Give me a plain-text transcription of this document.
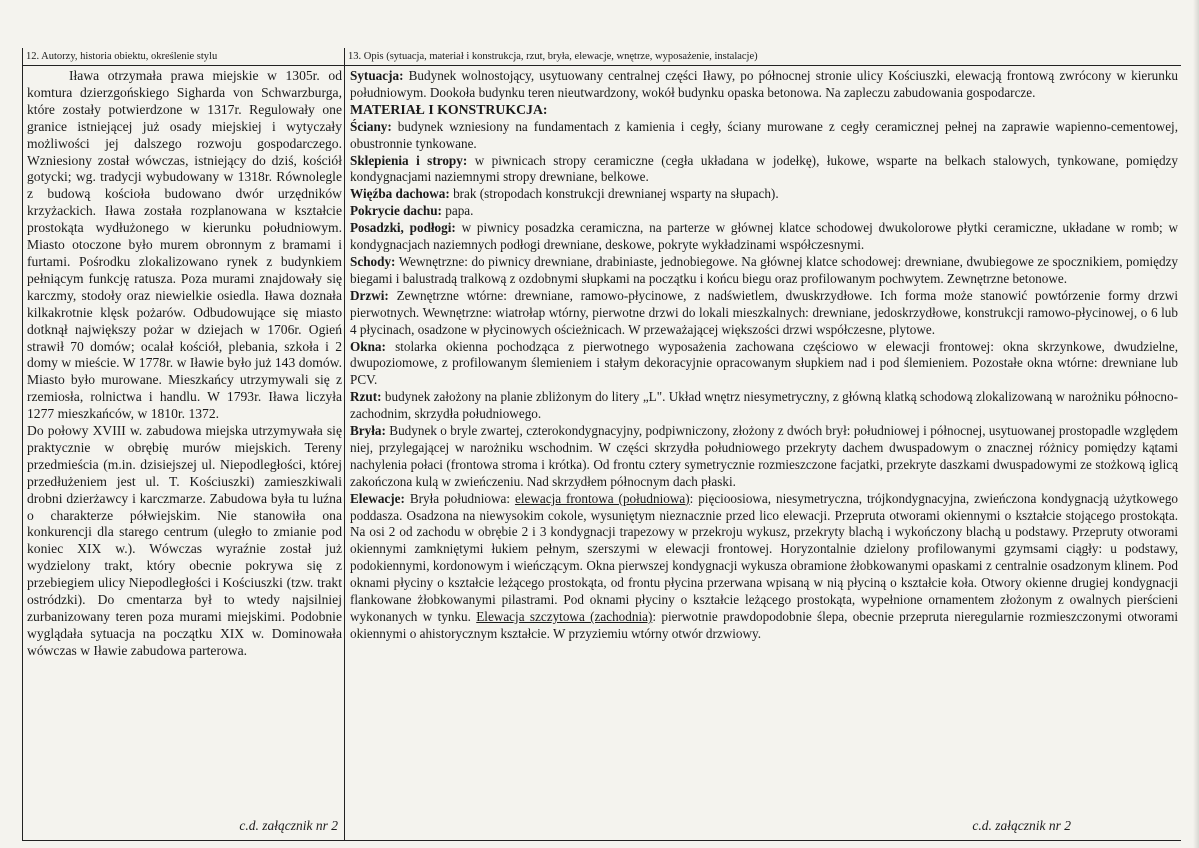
12. Autorzy, historia obiektu, określenie stylu

Iława otrzymała prawa miejskie w 1305r. od komtura dzierzgońskiego Sigharda von Schwarzburga, które zostały potwierdzone w 1317r. Regulowały one granice istniejącej już osady miejskiej i wytyczały możliwości jej dalszego rozwoju gospodarczego. Wzniesiony został wówczas, istniejący do dziś, kościół gotycki; wg. tradycji wybudowany w 1318r. Równolegle z budową kościoła budowano dwór urzędników krzyżackich. Iława została rozplanowana w kształcie prostokąta wydłużonego w kierunku południowym. Miasto otoczone było murem obronnym z bramami i furtami. Pośrodku zlokalizowano rynek z budynkiem pełniącym funkcję ratusza. Poza murami znajdowały się karczmy, stodoły oraz niewielkie osiedla. Iława doznała kilkakrotnie klęsk pożarów. Odbudowujące się miasto dotknął największy pożar w dziejach w 1706r. Ogień strawił 70 domów; ocalał kościół, plebania, szkoła i 2 domy w mieście. W 1778r. w Iławie było już 143 domów. Miasto było murowane. Mieszkańcy utrzymywali się z rzemiosła, rolnictwa i handlu. W 1793r. Iława liczyła 1277 mieszkańców, w 1810r. 1372.

Do połowy XVIII w. zabudowa miejska utrzymywała się praktycznie w obrębię murów miejskich. Tereny przedmieścia (m.in. dzisiejszej ul. Niepodległości, której przedłużeniem jest ul. T. Kościuszki) zamieszkiwali drobni dzierżawcy i karczmarze. Zabudowa była tu luźna o charakterze półwiejskim. Nie stanowiła ona konkurencji dla starego centrum (uległo to zmianie pod koniec XIX w.). Wówczas wyraźnie został już wydzielony trakt, który obecnie pokrywa się z przebiegiem ulicy Niepodległości i Kościuszki (tzw. trakt ostródzki). Do cmentarza był to wtedy najsilniej zurbanizowany teren poza murami miejskimi. Podobnie wyglądała sytuacja na początku XIX w. Dominowała wówczas w Iławie zabudowa parterowa.

c.d. załącznik nr 2
13. Opis (sytuacja, materiał i konstrukcja, rzut, bryła, elewacje, wnętrze, wyposażenie, instalacje)

Sytuacja: Budynek wolnostojący, usytuowany centralnej części Iławy, po północnej stronie ulicy Kościuszki, elewacją frontową zwrócony w kierunku południowym. Dookoła budynku teren nieutwardzony, wokół budynku opaska betonowa. Na zapleczu zabudowania gospodarcze.

MATERIAŁ I KONSTRUKCJA:

Ściany: budynek wzniesiony na fundamentach z kamienia i cegły, ściany murowane z cegły ceramicznej pełnej na zaprawie wapienno-cementowej, obustronnie tynkowane.

Sklepienia i stropy: w piwnicach stropy ceramiczne (cegła układana w jodełkę), łukowe, wsparte na belkach stalowych, tynkowane, pomiędzy kondygnacjami naziemnymi stropy drewniane, belkowe.

Więźba dachowa: brak (stropodach konstrukcji drewnianej wsparty na słupach).

Pokrycie dachu: papa.

Posadzki, podłogi: w piwnicy posadzka ceramiczna, na parterze w głównej klatce schodowej dwukolorowe płytki ceramiczne, układane w romb; w kondygnacjach naziemnych podłogi drewniane, deskowe, pokryte wykładzinami współczesnymi.

Schody: Wewnętrzne: do piwnicy drewniane, drabiniaste, jednobiegowe. Na głównej klatce schodowej: drewniane, dwubiegowe ze spocznikiem, pomiędzy biegami i balustradą tralkową z ozdobnymi słupkami na początku i końcu biegu oraz profilowanym pochwytem. Zewnętrzne betonowe.

Drzwi: Zewnętrzne wtórne: drewniane, ramowo-płycinowe, z nadświetlem, dwuskrzydłowe. Ich forma może stanowić powtórzenie formy drzwi pierwotnych. Wewnętrzne: wiatrołap wtórny, pierwotne drzwi do lokali mieszkalnych: drewniane, jedoskrzydłowe, konstrukcji ramowo-płycinowej, o 6 lub 4 płycinach, osadzone w płycinowych ościeżnicach. W przeważającej większości drzwi współczesne, plytowe.

Okna: stolarka okienna pochodząca z pierwotnego wyposażenia zachowana częściowo w elewacji frontowej: okna skrzynkowe, dwudzielne, dwupoziomowe, z profilowanym ślemieniem i stałym dekoracyjnie opracowanym słupkiem nad i pod ślemieniem. Pozostałe okna wtórne: drewniane lub PCV.

Rzut: budynek założony na planie zbliżonym do litery „L". Układ wnętrz niesymetryczny, z główną klatką schodową zlokalizowaną w narożniku północno-zachodnim, skrzydła południowego.

Bryła: Budynek o bryle zwartej, czterokondygnacyjny, podpiwniczony, złożony z dwóch brył: południowej i północnej, usytuowanej prostopadle względem niej, przylegającej w narożniku wschodnim. W części skrzydła południowego przekryty dachem dwuspadowym o znacznej różnicy pomiędzy kątami nachylenia połaci (frontowa stroma i krótka). Od frontu cztery symetrycznie rozmieszczone facjatki, przekryte daszkami dwuspadowymi ze stożkową iglicą zakończona kulą w zwieńczeniu. Nad skrzydłem północnym dach płaski.

Elewacje: Bryła południowa: elewacja frontowa (południowa): pięcioosiowa, niesymetryczna, trójkondygnacyjna, zwieńczona kondygnacją użytkowego poddasza. Osadzona na niewysokim cokole, wysuniętym nieznacznie przed lico elewacji. Przepruta otworami okiennymi o kształcie stojącego prostokąta. Na osi 2 od zachodu w obrębie 2 i 3 kondygnacji trapezowy w przekroju wykusz, przekryty blachą i wykończony blachą u podstawy. Przepruty otworami okiennymi zamkniętymi łukiem pełnym, szerszymi w elewacji frontowej. Horyzontalnie dzielony profilowanymi gzymsami ciągły: u podstawy, podokiennymi, kordonowym i wieńczącym. Okna pierwszej kondygnacji wykusza obramione żłobkowanymi opaskami z centralnie osadzonym klinem. Pod oknami płyciny o kształcie leżącego prostokąta, od frontu płycina przerwana wpisaną w nią płyciną o kształcie koła. Otwory okienne drugiej kondygnacji flankowane żłobkowanymi pilastrami. Pod oknami płyciny o kształcie leżącego prostokąta, wypełnione ornamentem złożonym z owalnych pierścieni wykonanych w tynku. Elewacja szczytowa (zachodnia): pierwotnie prawdopodobnie ślepa, obecnie przepruta nieregularnie rozmieszczonymi otworami okiennymi o ahistorycznym kształcie. W przyziemiu wtórny otwór drzwiowy.

c.d. załącznik nr 2
